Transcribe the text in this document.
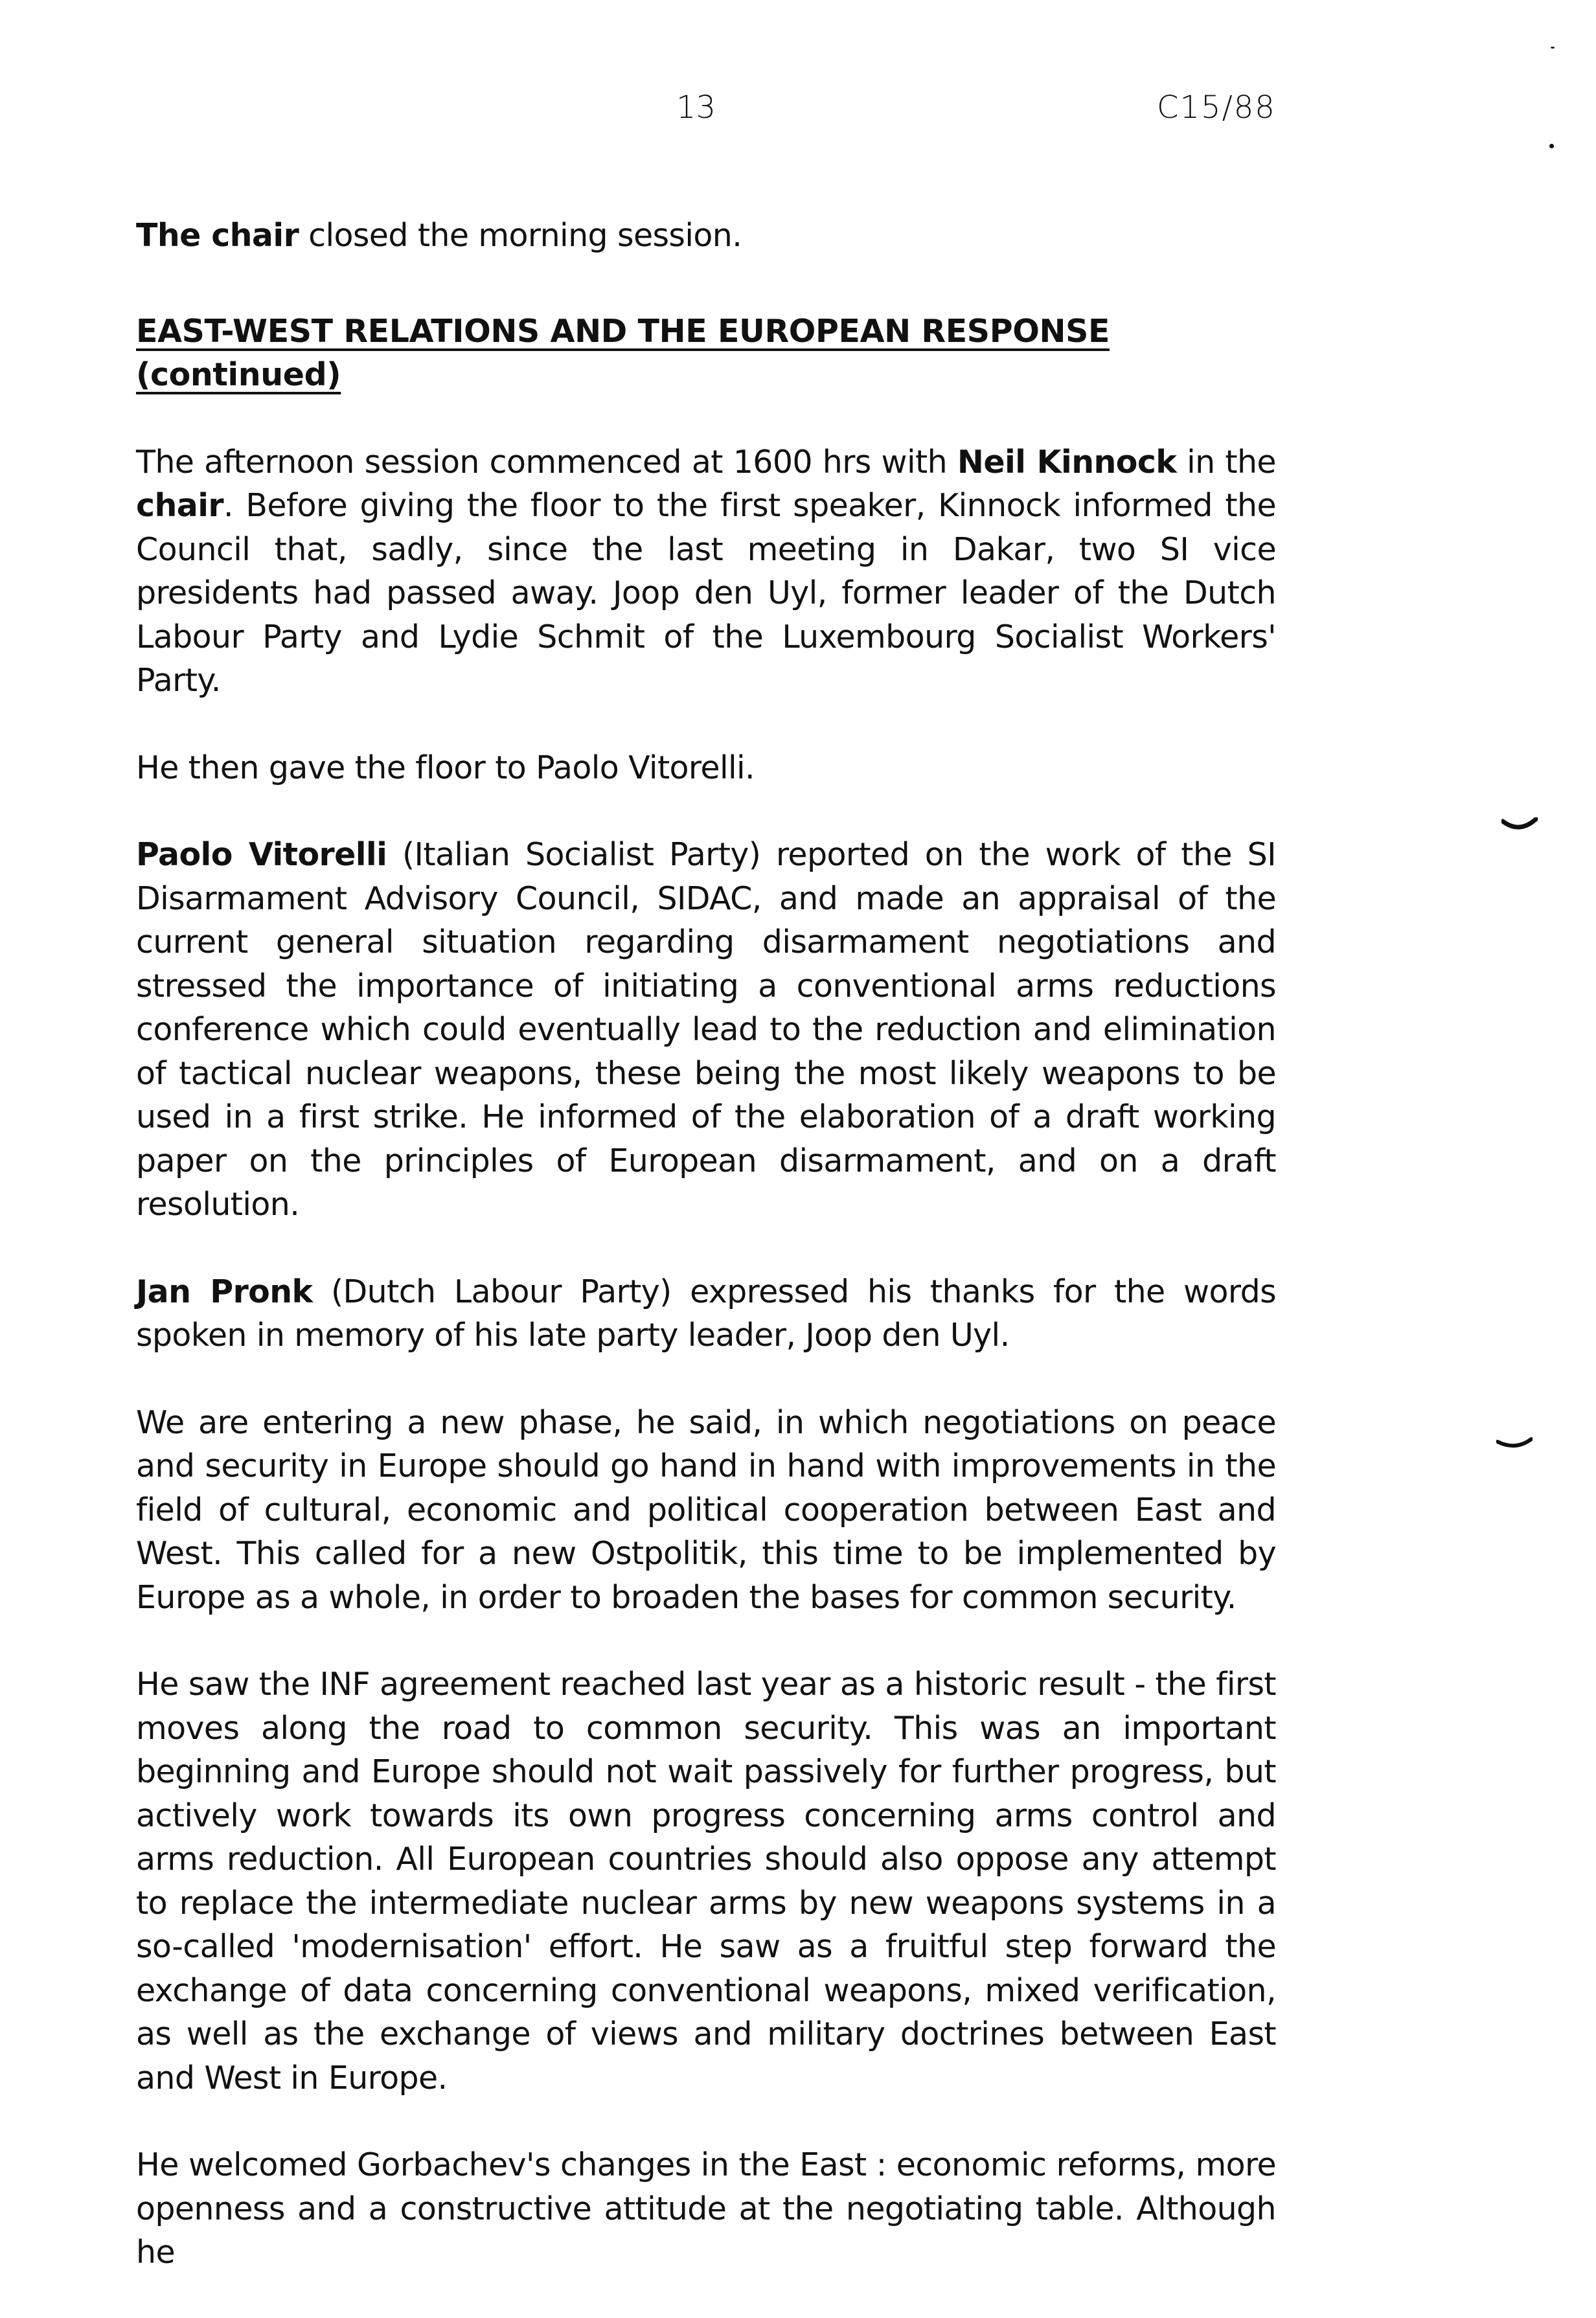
13	C15/88

The chair closed the morning session.

EAST-WEST RELATIONS AND THE EUROPEAN RESPONSE (continued)

The afternoon session commenced at 1600 hrs with Neil Kinnock in the chair. Before giving the floor to the first speaker, Kinnock informed the Council that, sadly, since the last meeting in Dakar, two SI vice presidents had passed away. Joop den Uyl, former leader of the Dutch Labour Party and Lydie Schmit of the Luxembourg Socialist Workers' Party.

He then gave the floor to Paolo Vitorelli.

Paolo Vitorelli (Italian Socialist Party) reported on the work of the SI Disarmament Advisory Council, SIDAC, and made an appraisal of the current general situation regarding disarmament negotiations and stressed the importance of initiating a conventional arms reductions conference which could eventually lead to the reduction and elimination of tactical nuclear weapons, these being the most likely weapons to be used in a first strike. He informed of the elaboration of a draft working paper on the principles of European disarmament, and on a draft resolution.

Jan Pronk (Dutch Labour Party) expressed his thanks for the words spoken in memory of his late party leader, Joop den Uyl.

We are entering a new phase, he said, in which negotiations on peace and security in Europe should go hand in hand with improvements in the field of cultural, economic and political cooperation between East and West. This called for a new Ostpolitik, this time to be implemented by Europe as a whole, in order to broaden the bases for common security.

He saw the INF agreement reached last year as a historic result - the first moves along the road to common security. This was an important beginning and Europe should not wait passively for further progress, but actively work towards its own progress concerning arms control and arms reduction. All European countries should also oppose any attempt to replace the intermediate nuclear arms by new weapons systems in a so-called 'modernisation' effort. He saw as a fruitful step forward the exchange of data concerning conventional weapons, mixed verification, as well as the exchange of views and military doctrines between East and West in Europe.

He welcomed Gorbachev's changes in the East : economic reforms, more openness and a constructive attitude at the negotiating table. Although he
